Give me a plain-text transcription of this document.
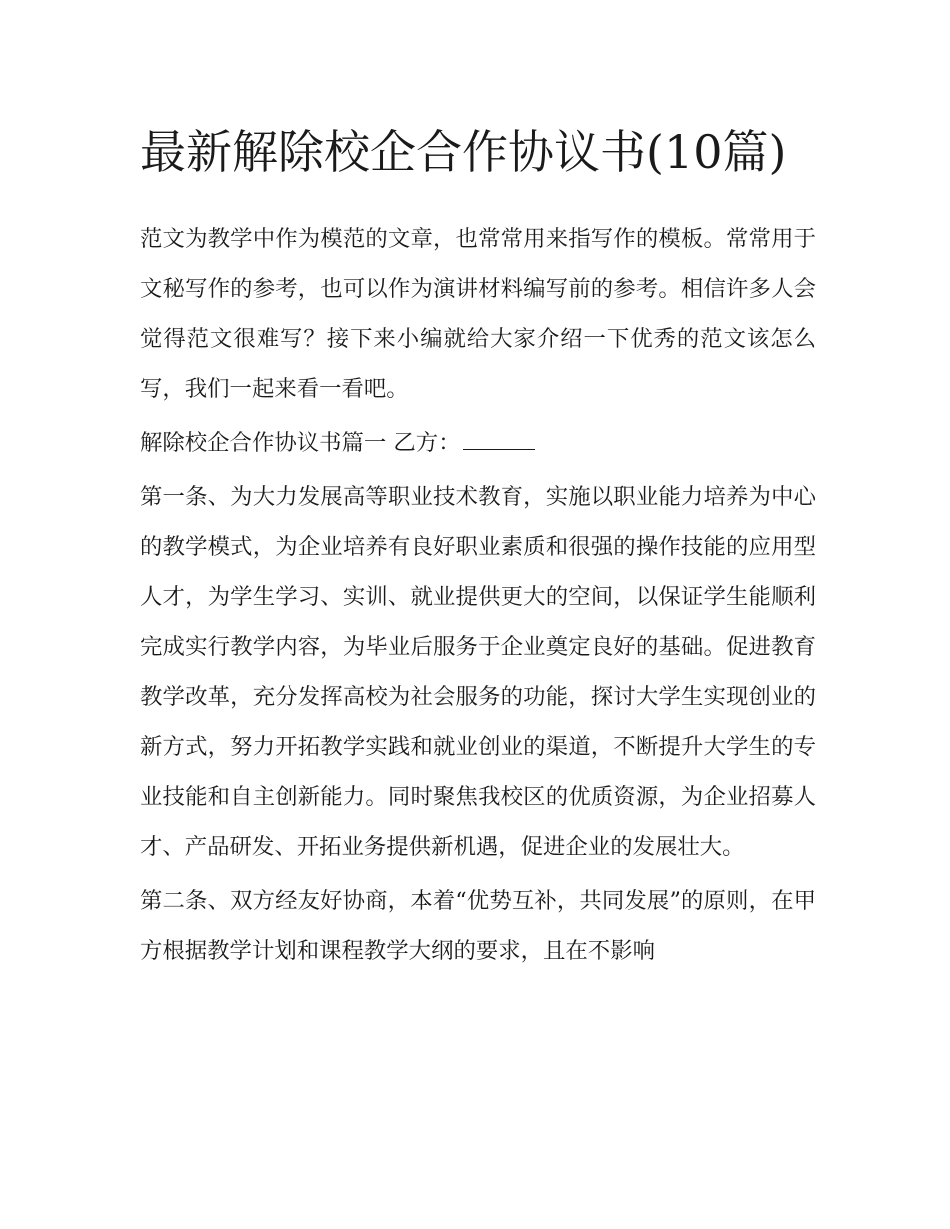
最新解除校企合作协议书(10篇)

范文为教学中作为模范的文章，也常常用来指写作的模板。常常用于文秘写作的参考，也可以作为演讲材料编写前的参考。相信许多人会觉得范文很难写？接下来小编就给大家介绍一下优秀的范文该怎么写，我们一起来看一看吧。

解除校企合作协议书篇一 乙方：

第一条、为大力发展高等职业技术教育，实施以职业能力培养为中心的教学模式，为企业培养有良好职业素质和很强的操作技能的应用型人才，为学生学习、实训、就业提供更大的空间，以保证学生能顺利完成实行教学内容，为毕业后服务于企业奠定良好的基础。促进教育教学改革，充分发挥高校为社会服务的功能，探讨大学生实现创业的新方式，努力开拓教学实践和就业创业的渠道，不断提升大学生的专业技能和自主创新能力。同时聚焦我校区的优质资源，为企业招募人才、产品研发、开拓业务提供新机遇，促进企业的发展壮大。

第二条、双方经友好协商，本着“优势互补，共同发展”的原则，在甲方根据教学计划和课程教学大纲的要求，且在不影响
